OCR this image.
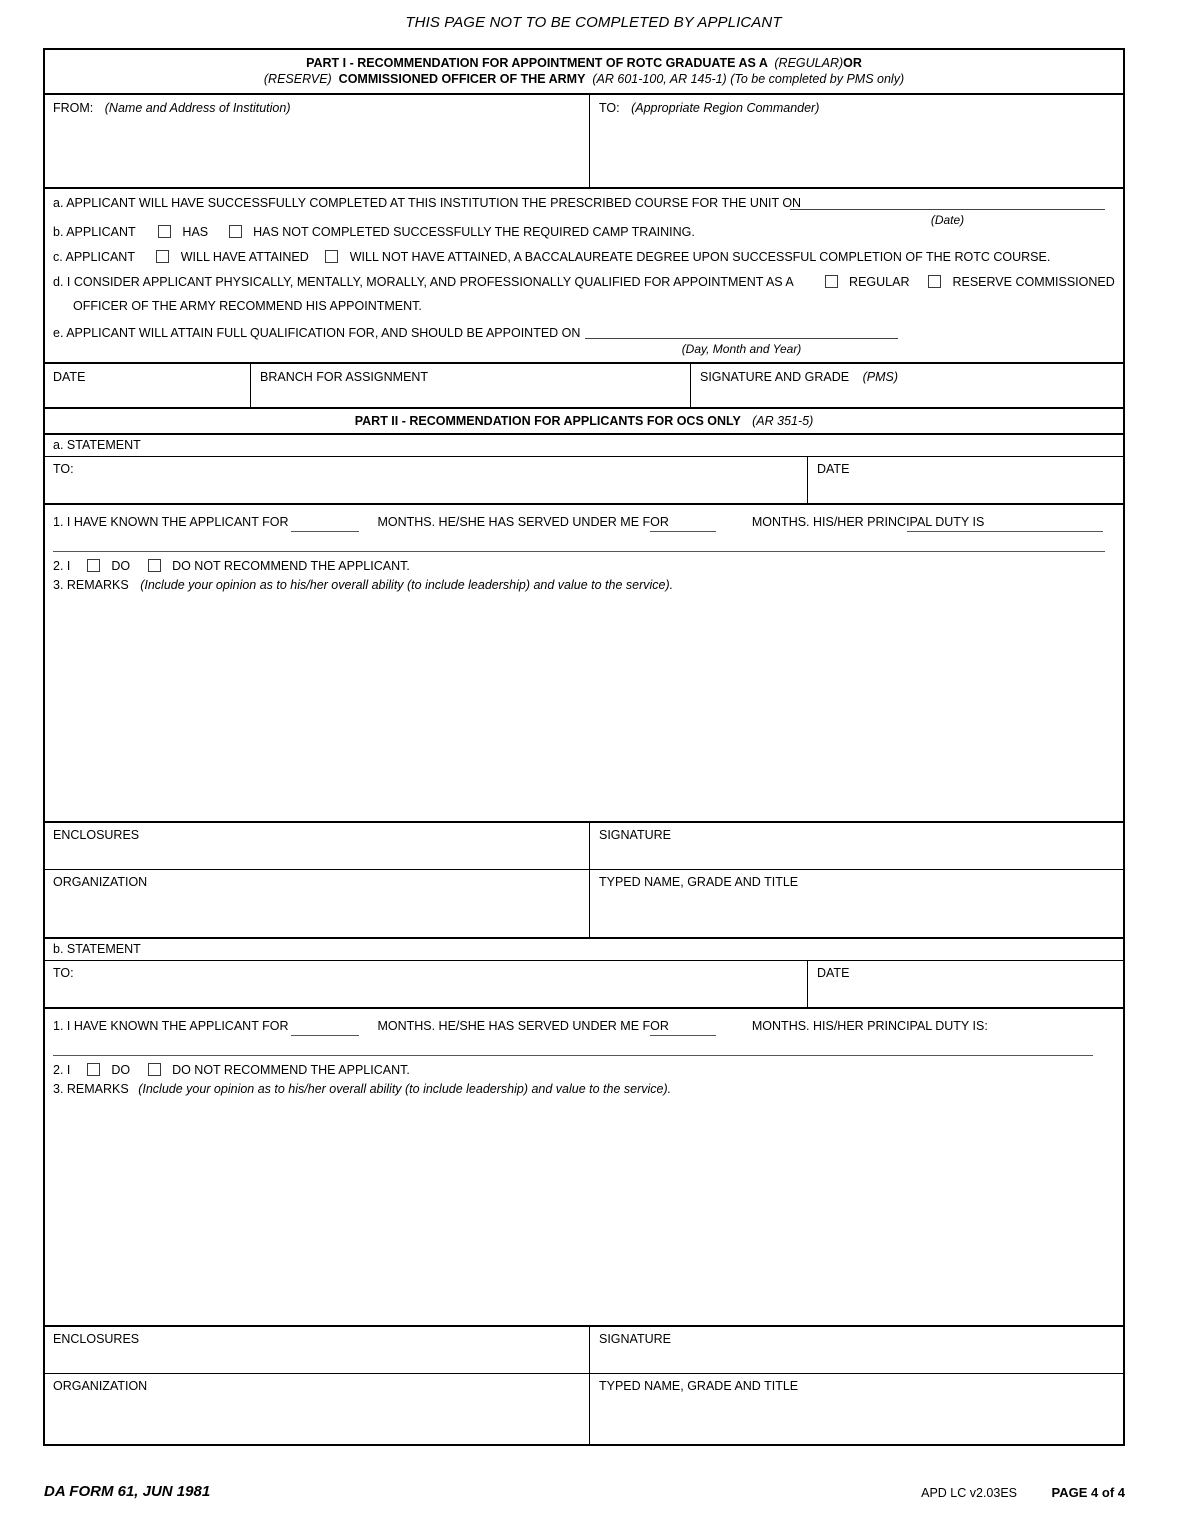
THIS PAGE NOT TO BE COMPLETED BY APPLICANT
PART I - RECOMMENDATION FOR APPOINTMENT OF ROTC GRADUATE AS A (REGULAR)OR
(RESERVE) COMMISSIONED OFFICER OF THE ARMY (AR 601-100, AR 145-1) (To be completed by PMS only)
FROM: (Name and Address of Institution)	TO: (Appropriate Region Commander)
a. APPLICANT WILL HAVE SUCCESSFULLY COMPLETED AT THIS INSTITUTION THE PRESCRIBED COURSE FOR THE UNIT ON
(Date)
b. APPLICANT	HAS	HAS NOT COMPLETED SUCCESSFULLY THE REQUIRED CAMP TRAINING.
c. APPLICANT	WILL HAVE ATTAINED	WILL NOT HAVE ATTAINED, A BACCALAUREATE DEGREE UPON SUCCESSFUL COMPLETION OF THE ROTC COURSE.
d. I CONSIDER APPLICANT PHYSICALLY, MENTALLY, MORALLY, AND PROFESSIONALLY QUALIFIED FOR APPOINTMENT AS A	REGULAR	RESERVE COMMISSIONED
OFFICER OF THE ARMY RECOMMEND HIS APPOINTMENT.
e. APPLICANT WILL ATTAIN FULL QUALIFICATION FOR, AND SHOULD BE APPOINTED ON
(Day, Month and Year)
DATE	BRANCH FOR ASSIGNMENT	SIGNATURE AND GRADE (PMS)
PART II - RECOMMENDATION FOR APPLICANTS FOR OCS ONLY (AR 351-5)
a. STATEMENT
TO:	DATE
1. I HAVE KNOWN THE APPLICANT FOR	MONTHS. HE/SHE HAS SERVED UNDER ME FOR	MONTHS. HIS/HER PRINCIPAL DUTY IS
2. I	DO	DO NOT RECOMMEND THE APPLICANT.
3. REMARKS (Include your opinion as to his/her overall ability (to include leadership) and value to the service).
ENCLOSURES	SIGNATURE
ORGANIZATION	TYPED NAME, GRADE AND TITLE
b. STATEMENT
TO:	DATE
1. I HAVE KNOWN THE APPLICANT FOR	MONTHS. HE/SHE HAS SERVED UNDER ME FOR	MONTHS. HIS/HER PRINCIPAL DUTY IS:
2. I	DO	DO NOT RECOMMEND THE APPLICANT.
3. REMARKS (Include your opinion as to his/her overall ability (to include leadership) and value to the service).
ENCLOSURES	SIGNATURE
ORGANIZATION	TYPED NAME, GRADE AND TITLE
DA FORM 61, JUN 1981	APD LC v2.03ES	PAGE 4 of 4
